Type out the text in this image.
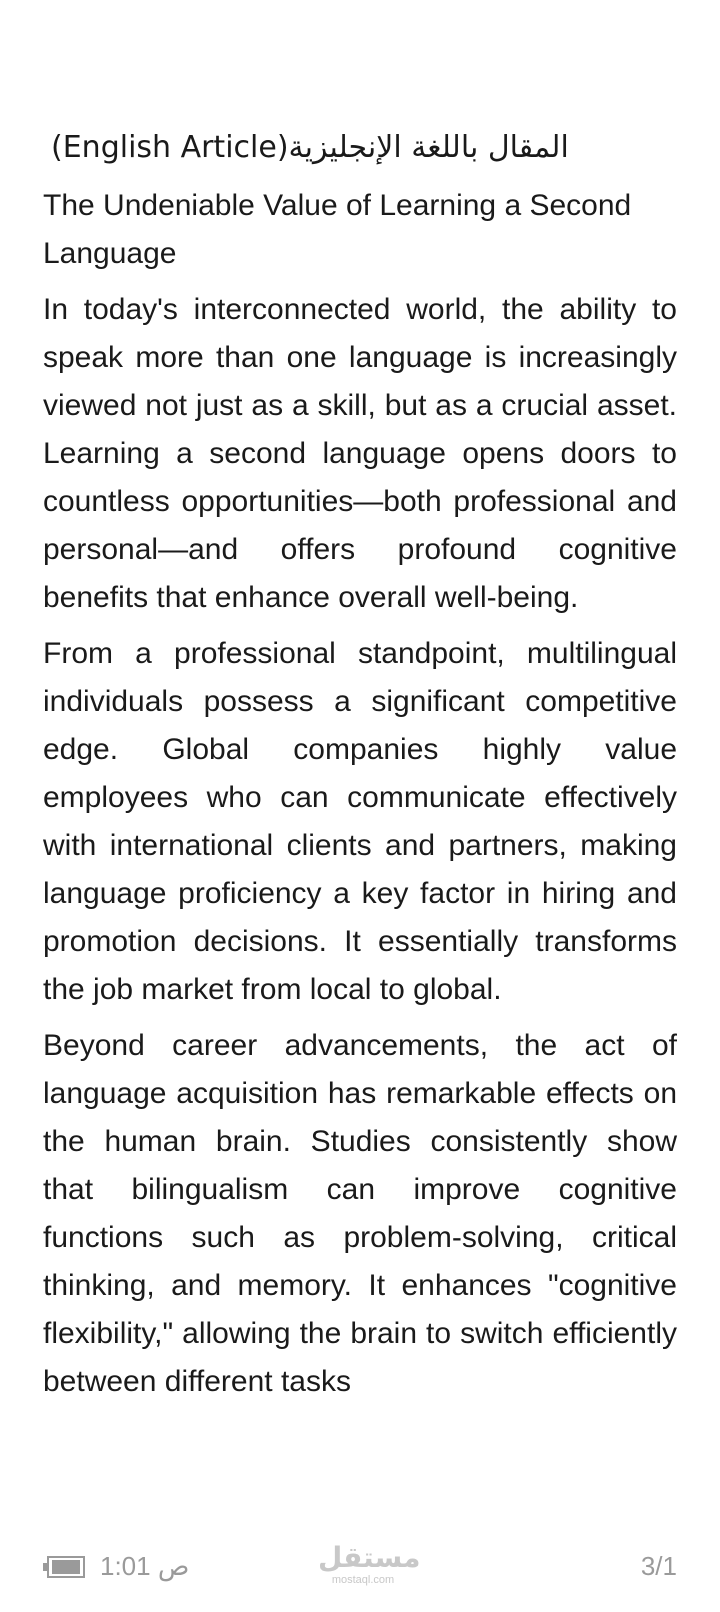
المقال باللغة الإنجليزية(English Article)
The Undeniable Value of Learning a Second Language

In today's interconnected world, the ability to speak more than one language is increasingly viewed not just as a skill, but as a crucial asset. Learning a second language opens doors to countless opportunities—both professional and personal—and offers profound cognitive benefits that enhance overall well-being.

From a professional standpoint, multilingual individuals possess a significant competitive edge. Global companies highly value employees who can communicate effectively with international clients and partners, making language proficiency a key factor in hiring and promotion decisions. It essentially transforms the job market from local to global.

Beyond career advancements, the act of language acquisition has remarkable effects on the human brain. Studies consistently show that bilingualism can improve cognitive functions such as problem-solving, critical thinking, and memory. It enhances "cognitive flexibility," allowing the brain to switch efficiently between different tasks

1:01 ص	مستقل
mostaql.com	3/1
